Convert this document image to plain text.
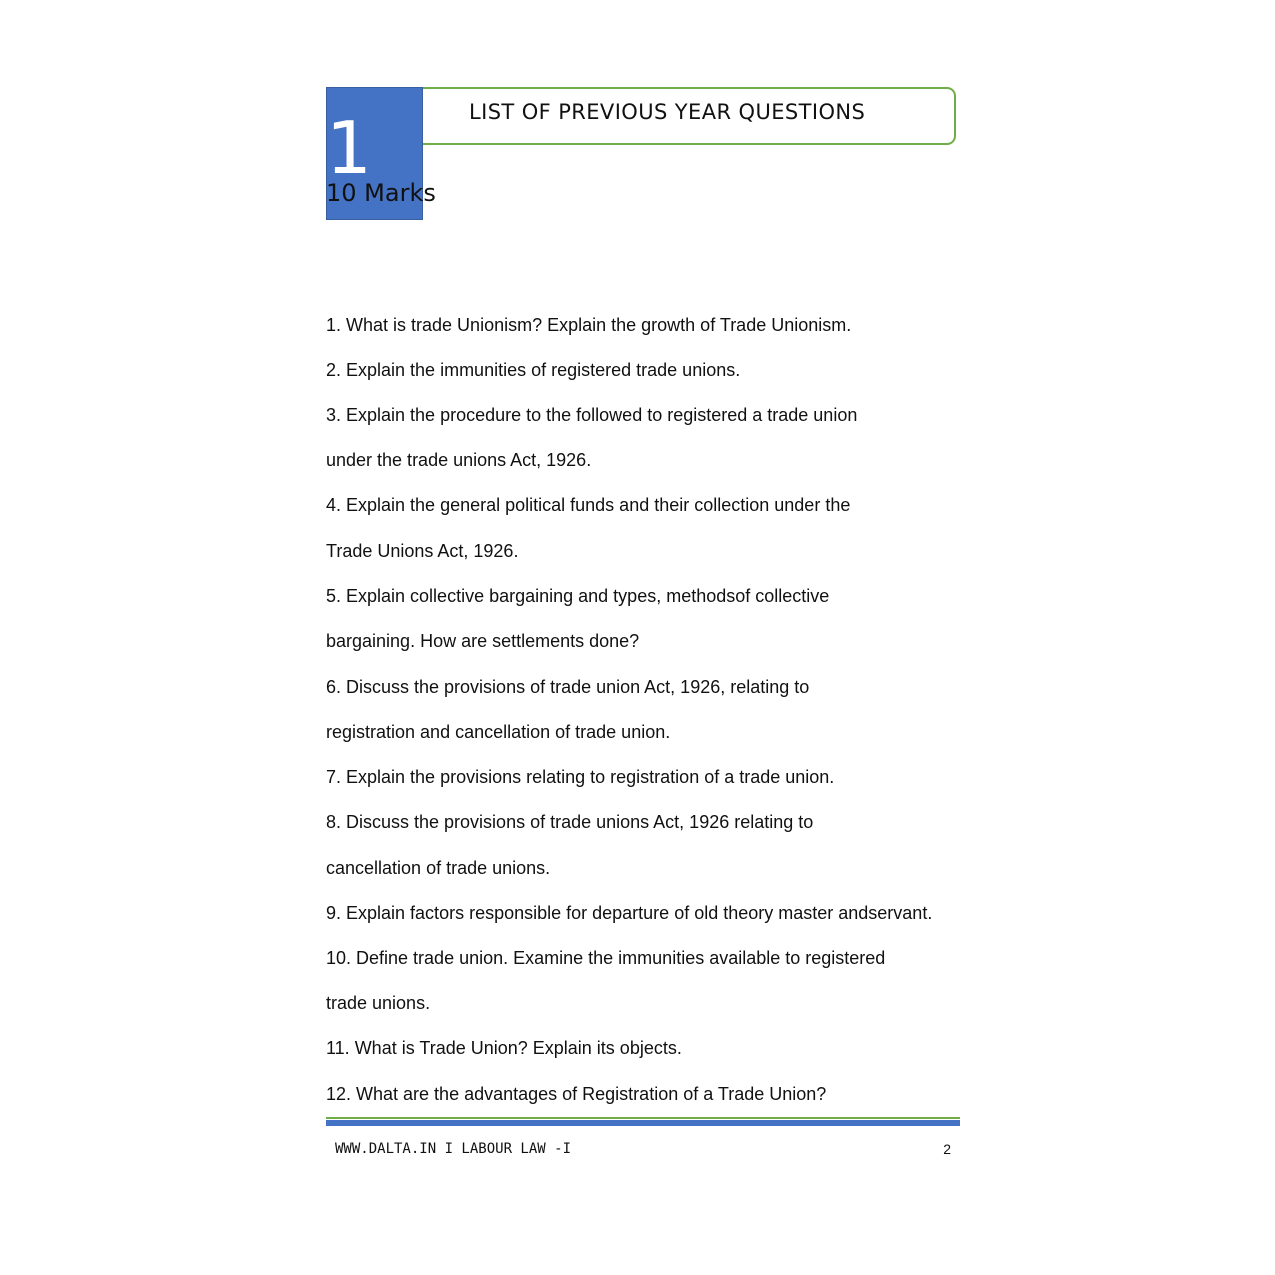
1
10 Marks
LIST OF PREVIOUS YEAR QUESTIONS
1. What is trade Unionism? Explain the growth of Trade Unionism.
2. Explain the immunities of registered trade unions.
3. Explain the procedure to the followed to registered a trade union
under the trade unions Act, 1926.
4. Explain the general political funds and their collection under the
Trade Unions Act, 1926.
5. Explain collective bargaining and types, methodsof collective
bargaining. How are settlements done?
6. Discuss the provisions of trade union Act, 1926, relating to
registration and cancellation of trade union.
7. Explain the provisions relating to registration of a trade union.
8. Discuss the provisions of trade unions Act, 1926 relating to
cancellation of trade unions.
9. Explain factors responsible for departure of old theory master andservant.
10. Define trade union. Examine the immunities available to registered
trade unions.
11. What is Trade Union? Explain its objects.
12. What are the advantages of Registration of a Trade Union?
WWW.DALTA.IN I LABOUR LAW -I	2
